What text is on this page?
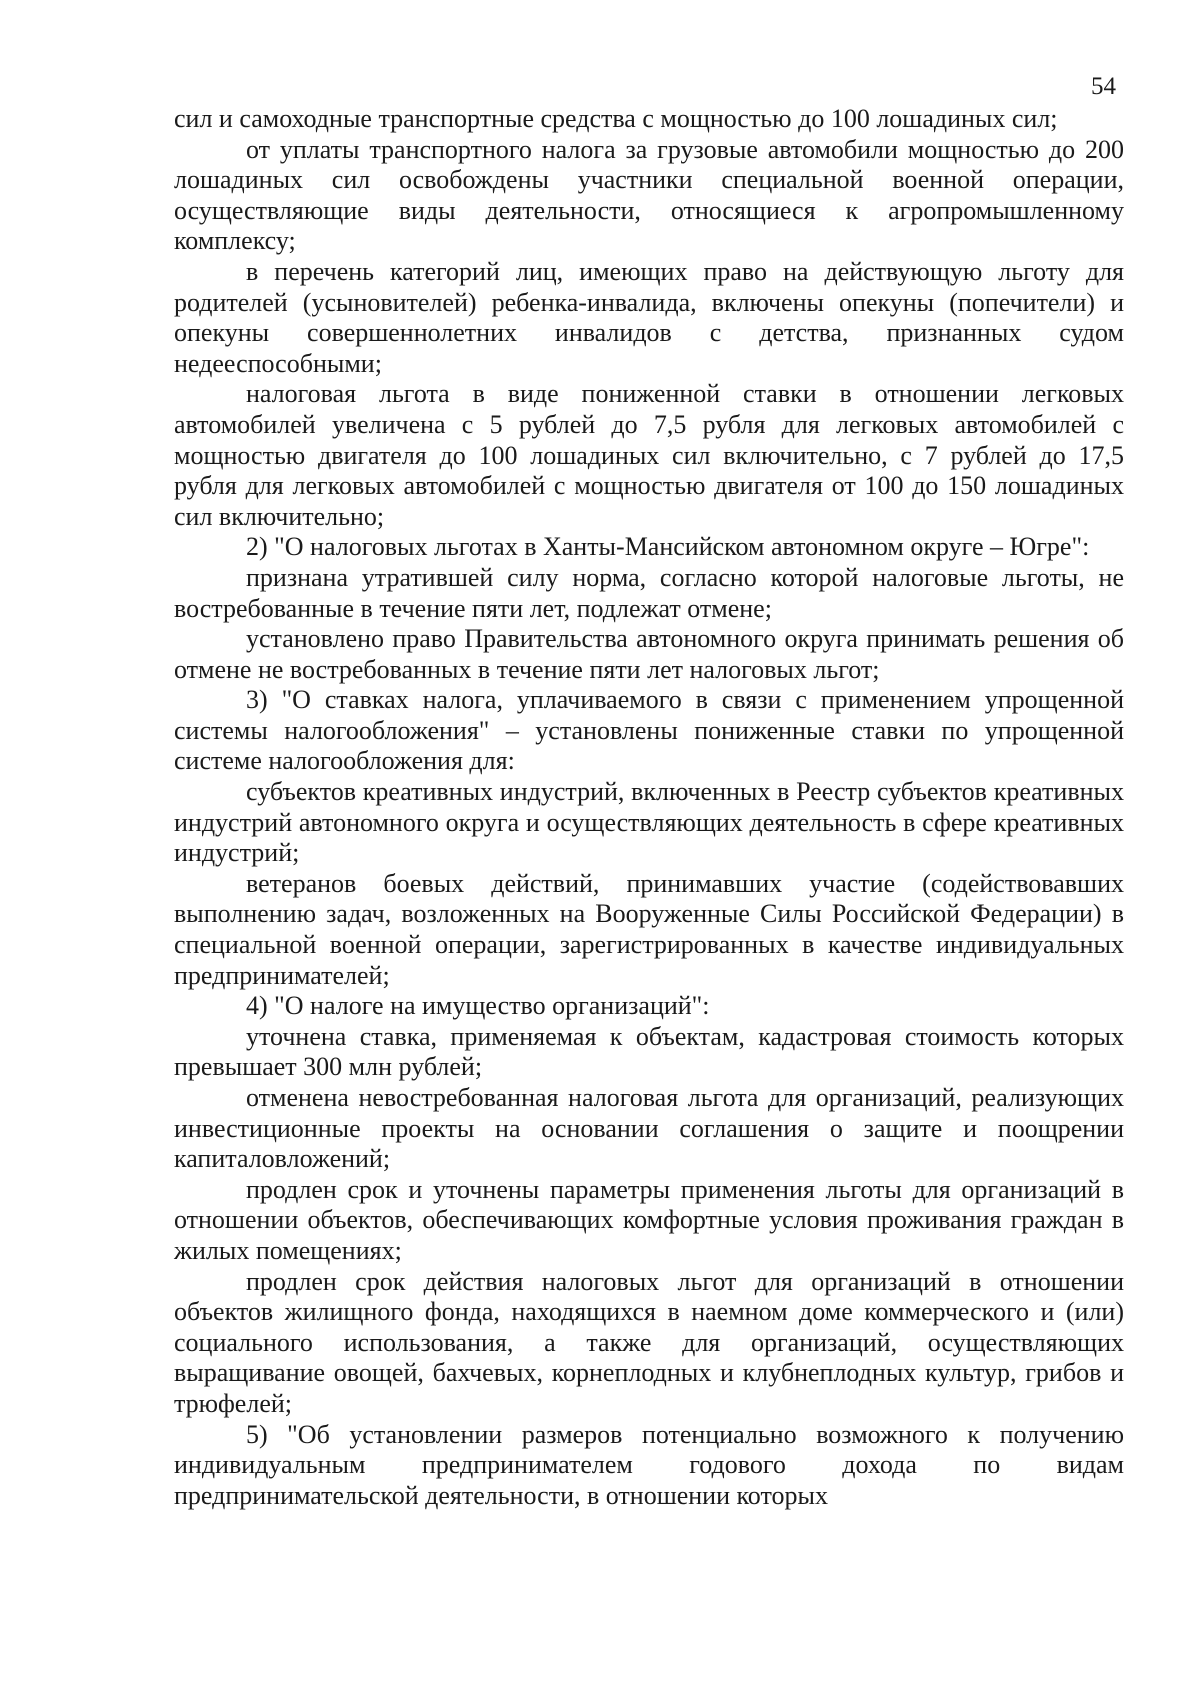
54

сил и самоходные транспортные средства с мощностью до 100 лошадиных сил;

от уплаты транспортного налога за грузовые автомобили мощностью до 200 лошадиных сил освобождены участники специальной военной операции, осуществляющие виды деятельности, относящиеся к агропромышленному комплексу;

в перечень категорий лиц, имеющих право на действующую льготу для родителей (усыновителей) ребенка-инвалида, включены опекуны (попечители) и опекуны совершеннолетних инвалидов с детства, признанных судом недееспособными;

налоговая льгота в виде пониженной ставки в отношении легковых автомобилей увеличена с 5 рублей до 7,5 рубля для легковых автомобилей с мощностью двигателя до 100 лошадиных сил включительно, с 7 рублей до 17,5 рубля для легковых автомобилей с мощностью двигателя от 100 до 150 лошадиных сил включительно;

2) "О налоговых льготах в Ханты-Мансийском автономном округе – Югре":

признана утратившей силу норма, согласно которой налоговые льготы, не востребованные в течение пяти лет, подлежат отмене;

установлено право Правительства автономного округа принимать решения об отмене не востребованных в течение пяти лет налоговых льгот;

3) "О ставках налога, уплачиваемого в связи с применением упрощенной системы налогообложения" – установлены пониженные ставки по упрощенной системе налогообложения для:

субъектов креативных индустрий, включенных в Реестр субъектов креативных индустрий автономного округа и осуществляющих деятельность в сфере креативных индустрий;

ветеранов боевых действий, принимавших участие (содействовавших выполнению задач, возложенных на Вооруженные Силы Российской Федерации) в специальной военной операции, зарегистрированных в качестве индивидуальных предпринимателей;

4) "О налоге на имущество организаций":

уточнена ставка, применяемая к объектам, кадастровая стоимость которых превышает 300 млн рублей;

отменена невостребованная налоговая льгота для организаций, реализующих инвестиционные проекты на основании соглашения о защите и поощрении капиталовложений;

продлен срок и уточнены параметры применения льготы для организаций в отношении объектов, обеспечивающих комфортные условия проживания граждан в жилых помещениях;

продлен срок действия налоговых льгот для организаций в отношении объектов жилищного фонда, находящихся в наемном доме коммерческого и (или) социального использования, а также для организаций, осуществляющих выращивание овощей, бахчевых, корнеплодных и клубнеплодных культур, грибов и трюфелей;

5) "Об установлении размеров потенциально возможного к получению индивидуальным предпринимателем годового дохода по видам предпринимательской деятельности, в отношении которых
